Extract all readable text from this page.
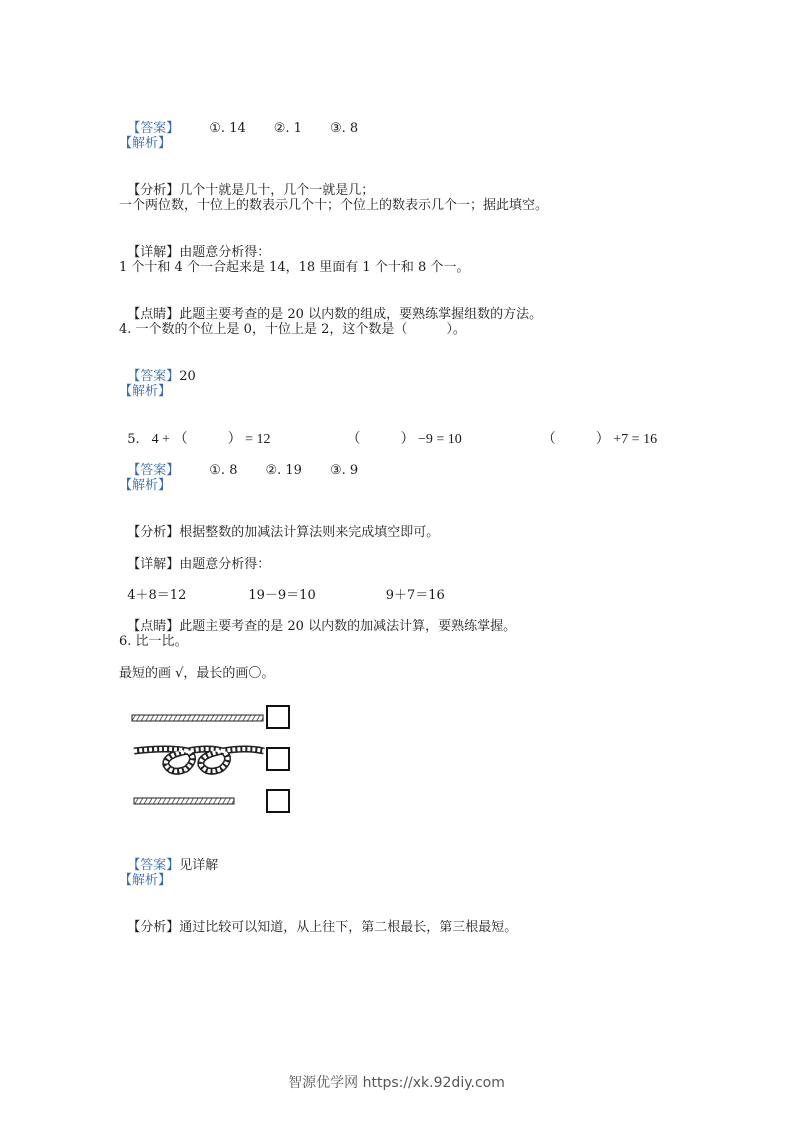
【答案】 ①. 14 ②. 1 ③. 8

【解析】

【分析】几个十就是几十，几个一就是几；

一个两位数，十位上的数表示几个十；个位上的数表示几个一；据此填空。

【详解】由题意分析得：

1 个十和 4 个一合起来是 14，18 里面有 1 个十和 8 个一。

【点睛】此题主要考查的是 20 以内数的组成，要熟练掌握组数的方法。

4. 一个数的个位上是 0，十位上是 2，这个数是（　　　）。

【答案】20

【解析】

5. 4 + （	） = 12	（	） −9 = 10	（	） +7 = 16

【答案】 ①. 8 ②. 19 ③. 9

【解析】

【分析】根据整数的加减法计算法则来完成填空即可。

【详解】由题意分析得：

4＋8＝12	19－9＝10	9＋7＝16

【点睛】此题主要考查的是 20 以内数的加减法计算，要熟练掌握。

6. 比一比。
最短的画 √，最长的画〇。

【答案】见详解

【解析】

【分析】通过比较可以知道，从上往下，第二根最长，第三根最短。

智源优学网 https://xk.92diy.com
